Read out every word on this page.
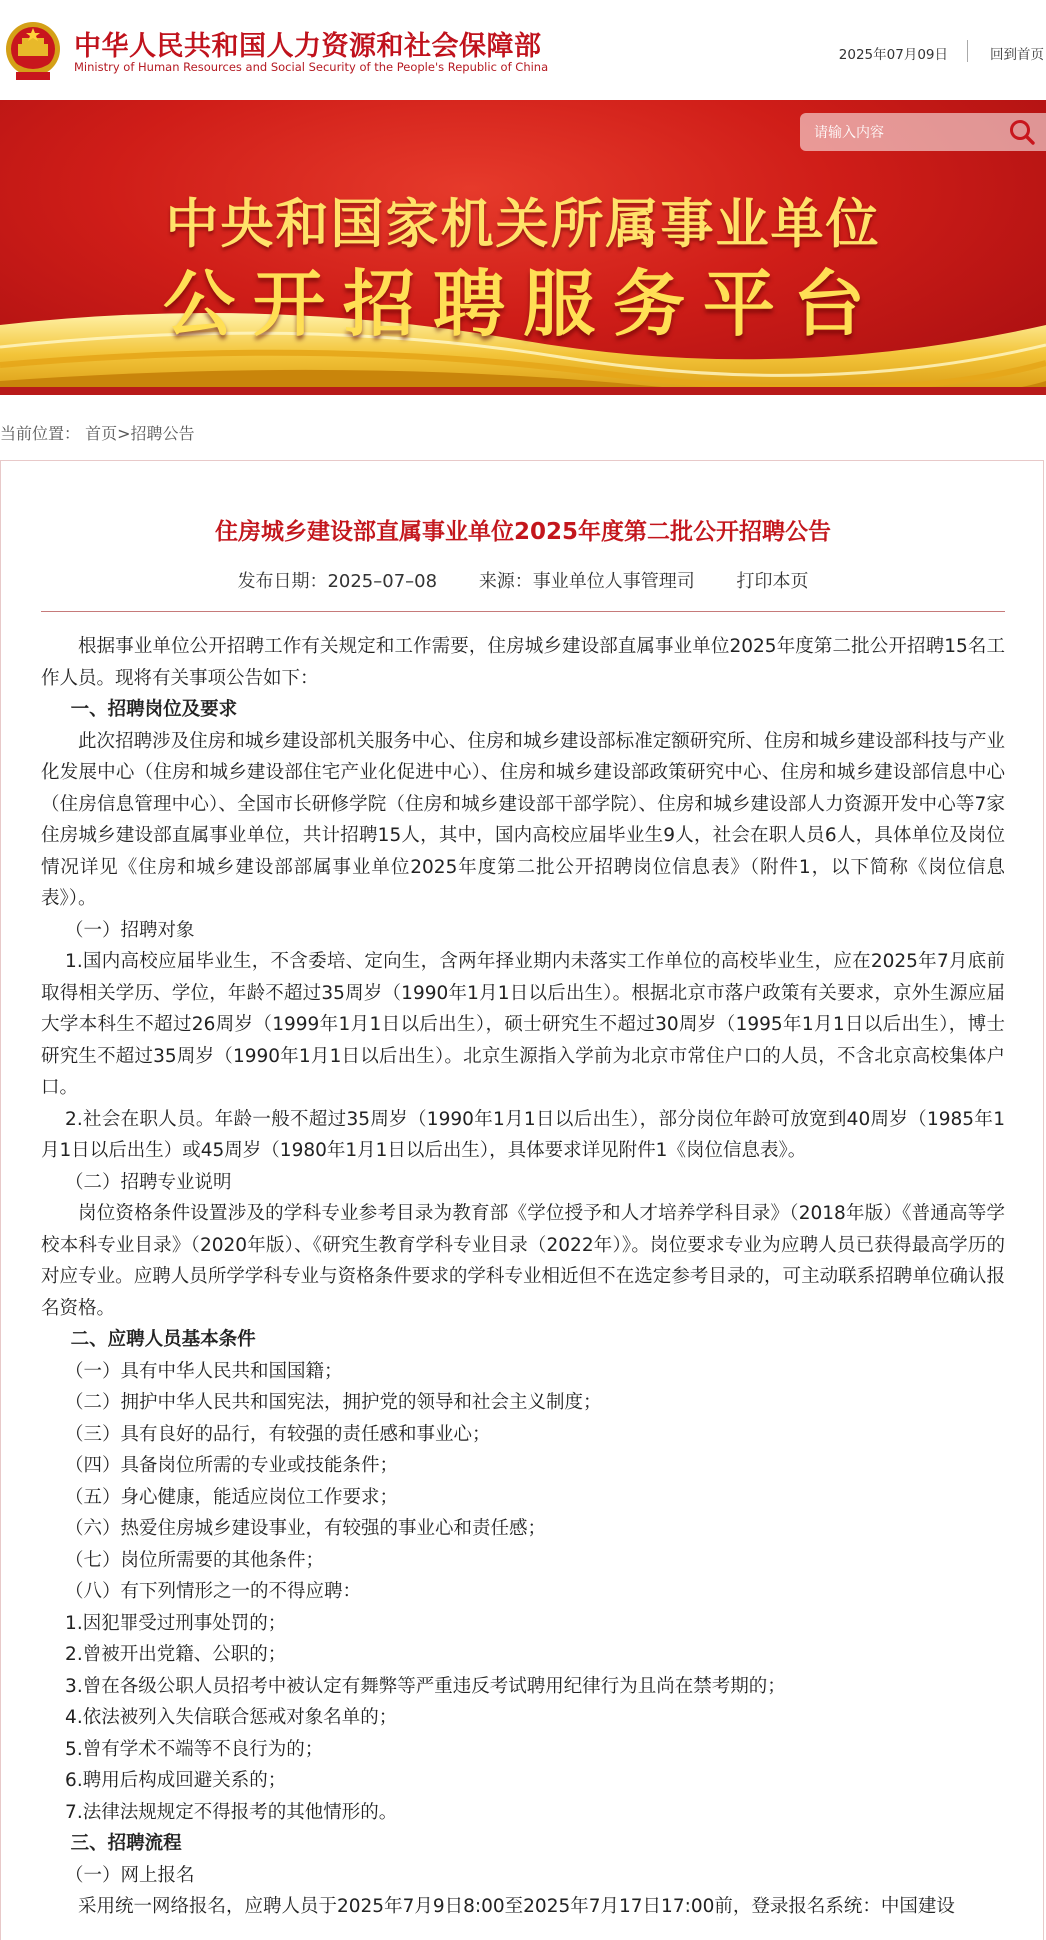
中华人民共和国人力资源和社会保障部
Ministry of Human Resources and Social Security of the People's Republic of China
2025年07月09日	回到首页
请输入内容
中央和国家机关所属事业单位
公开招聘服务平台
当前位置： 首页>招聘公告
住房城乡建设部直属事业单位2025年度第二批公开招聘公告
发布日期：2025–07–08 来源：事业单位人事管理司 打印本页

根据事业单位公开招聘工作有关规定和工作需要，住房城乡建设部直属事业单位2025年度第二批公开招聘15名工作人员。现将有关事项公告如下：

一、招聘岗位及要求

此次招聘涉及住房和城乡建设部机关服务中心、住房和城乡建设部标准定额研究所、住房和城乡建设部科技与产业化发展中心（住房和城乡建设部住宅产业化促进中心）、住房和城乡建设部政策研究中心、住房和城乡建设部信息中心（住房信息管理中心）、全国市长研修学院（住房和城乡建设部干部学院）、住房和城乡建设部人力资源开发中心等7家住房城乡建设部直属事业单位，共计招聘15人，其中，国内高校应届毕业生9人，社会在职人员6人，具体单位及岗位情况详见《住房和城乡建设部部属事业单位2025年度第二批公开招聘岗位信息表》（附件1，以下简称《岗位信息表》）。

（一）招聘对象

1.国内高校应届毕业生，不含委培、定向生，含两年择业期内未落实工作单位的高校毕业生，应在2025年7月底前取得相关学历、学位，年龄不超过35周岁（1990年1月1日以后出生）。根据北京市落户政策有关要求，京外生源应届大学本科生不超过26周岁（1999年1月1日以后出生），硕士研究生不超过30周岁（1995年1月1日以后出生），博士研究生不超过35周岁（1990年1月1日以后出生）。北京生源指入学前为北京市常住户口的人员，不含北京高校集体户口。

2.社会在职人员。年龄一般不超过35周岁（1990年1月1日以后出生），部分岗位年龄可放宽到40周岁（1985年1月1日以后出生）或45周岁（1980年1月1日以后出生），具体要求详见附件1《岗位信息表》。

（二）招聘专业说明

岗位资格条件设置涉及的学科专业参考目录为教育部《学位授予和人才培养学科目录》（2018年版）《普通高等学校本科专业目录》（2020年版）、《研究生教育学科专业目录（2022年）》。岗位要求专业为应聘人员已获得最高学历的对应专业。应聘人员所学学科专业与资格条件要求的学科专业相近但不在选定参考目录的，可主动联系招聘单位确认报名资格。

二、应聘人员基本条件

（一）具有中华人民共和国国籍；

（二）拥护中华人民共和国宪法，拥护党的领导和社会主义制度；

（三）具有良好的品行，有较强的责任感和事业心；

（四）具备岗位所需的专业或技能条件；

（五）身心健康，能适应岗位工作要求；

（六）热爱住房城乡建设事业，有较强的事业心和责任感；

（七）岗位所需要的其他条件；

（八）有下列情形之一的不得应聘：

1.因犯罪受过刑事处罚的；

2.曾被开出党籍、公职的；

3.曾在各级公职人员招考中被认定有舞弊等严重违反考试聘用纪律行为且尚在禁考期的；

4.依法被列入失信联合惩戒对象名单的；

5.曾有学术不端等不良行为的；

6.聘用后构成回避关系的；

7.法律法规规定不得报考的其他情形的。

三、招聘流程

（一）网上报名

采用统一网络报名，应聘人员于2025年7月9日8:00至2025年7月17日17:00前，登录报名系统：中国建设
